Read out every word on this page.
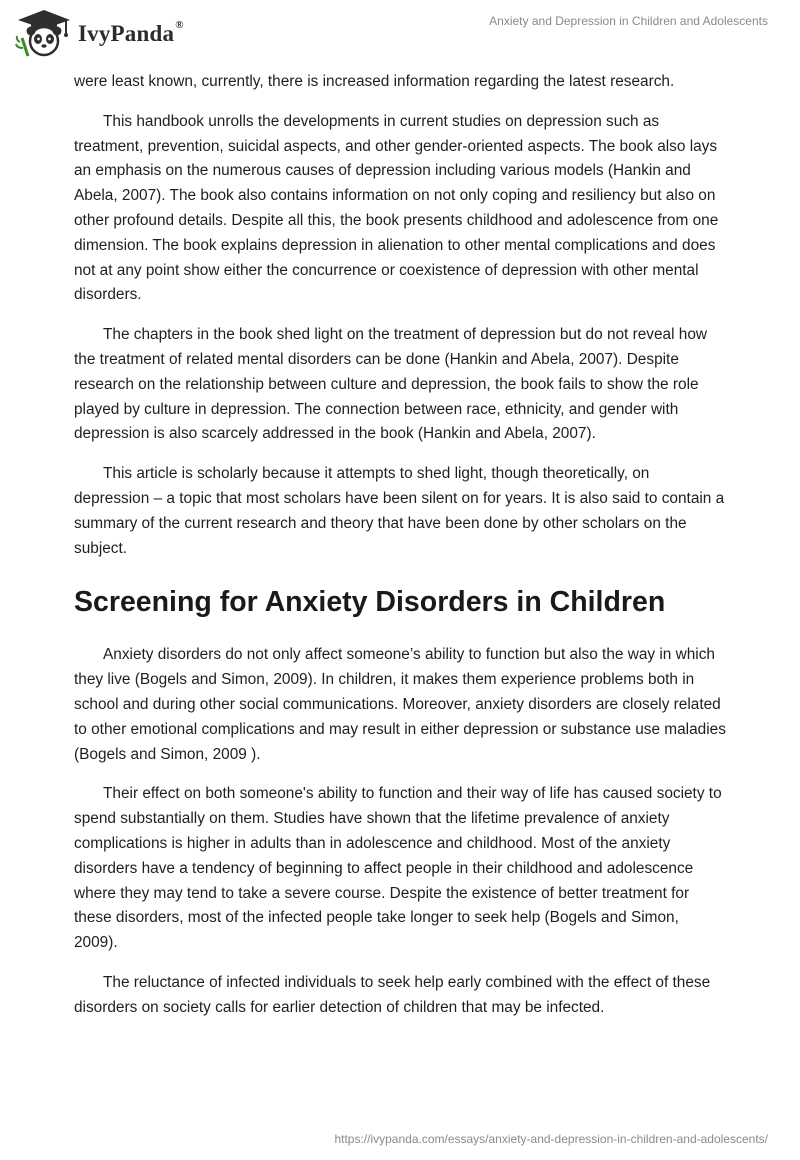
IvyPanda®	Anxiety and Depression in Children and Adolescents

were least known, currently, there is increased information regarding the latest research.

This handbook unrolls the developments in current studies on depression such as treatment, prevention, suicidal aspects, and other gender-oriented aspects. The book also lays an emphasis on the numerous causes of depression including various models (Hankin and Abela, 2007). The book also contains information on not only coping and resiliency but also on other profound details. Despite all this, the book presents childhood and adolescence from one dimension. The book explains depression in alienation to other mental complications and does not at any point show either the concurrence or coexistence of depression with other mental disorders.

The chapters in the book shed light on the treatment of depression but do not reveal how the treatment of related mental disorders can be done (Hankin and Abela, 2007). Despite research on the relationship between culture and depression, the book fails to show the role played by culture in depression. The connection between race, ethnicity, and gender with depression is also scarcely addressed in the book (Hankin and Abela, 2007).

This article is scholarly because it attempts to shed light, though theoretically, on depression – a topic that most scholars have been silent on for years. It is also said to contain a summary of the current research and theory that have been done by other scholars on the subject.

Screening for Anxiety Disorders in Children

Anxiety disorders do not only affect someone’s ability to function but also the way in which they live (Bogels and Simon, 2009). In children, it makes them experience problems both in school and during other social communications. Moreover, anxiety disorders are closely related to other emotional complications and may result in either depression or substance use maladies (Bogels and Simon, 2009 ).

Their effect on both someone's ability to function and their way of life has caused society to spend substantially on them. Studies have shown that the lifetime prevalence of anxiety complications is higher in adults than in adolescence and childhood. Most of the anxiety disorders have a tendency of beginning to affect people in their childhood and adolescence where they may tend to take a severe course. Despite the existence of better treatment for these disorders, most of the infected people take longer to seek help (Bogels and Simon, 2009).

The reluctance of infected individuals to seek help early combined with the effect of these disorders on society calls for earlier detection of children that may be infected.

https://ivypanda.com/essays/anxiety-and-depression-in-children-and-adolescents/
